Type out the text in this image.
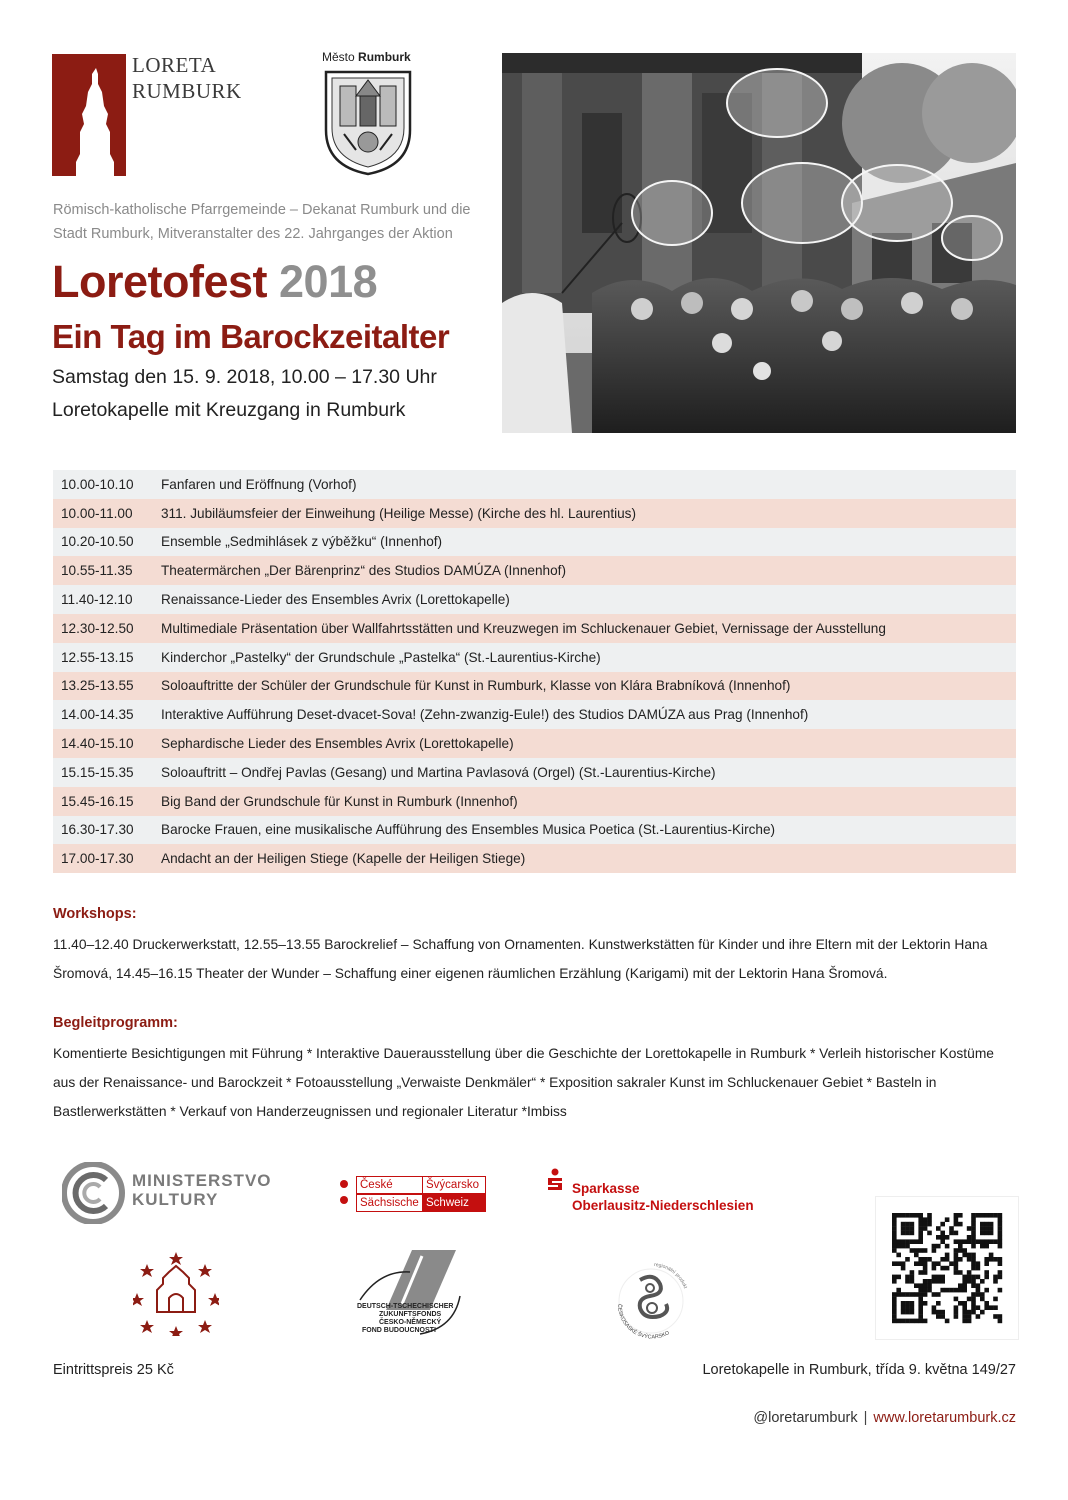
LORETA
RUMBURK
Město Rumburk
Römisch-katholische Pfarrgemeinde – Dekanat Rumburk und die Stadt Rumburk, Mitveranstalter des 22. Jahrganges der Aktion
Loretofest 2018
Ein Tag im Barockzeitalter
Samstag den 15. 9. 2018, 10.00 – 17.30 Uhr
Loretokapelle mit Kreuzgang in Rumburk
10.00-10.10	Fanfaren und Eröffnung (Vorhof)
10.00-11.00	311. Jubiläumsfeier der Einweihung (Heilige Messe) (Kirche des hl. Laurentius)
10.20-10.50	Ensemble „Sedmihlásek z výběžku“ (Innenhof)
10.55-11.35	Theatermärchen „Der Bärenprinz“ des Studios DAMÚZA (Innenhof)
11.40-12.10	Renaissance-Lieder des Ensembles Avrix (Lorettokapelle)
12.30-12.50	Multimediale Präsentation über Wallfahrtsstätten und Kreuzwegen im Schluckenauer Gebiet, Vernissage der Ausstellung
12.55-13.15	Kinderchor „Pastelky“ der Grundschule „Pastelka“ (St.-Laurentius-Kirche)
13.25-13.55	Soloauftritte der Schüler der Grundschule für Kunst in Rumburk, Klasse von Klára Brabníková (Innenhof)
14.00-14.35	Interaktive Aufführung Deset-dvacet-Sova! (Zehn-zwanzig-Eule!) des Studios DAMÚZA aus Prag (Innenhof)
14.40-15.10	Sephardische Lieder des Ensembles Avrix (Lorettokapelle)
15.15-15.35	Soloauftritt – Ondřej Pavlas (Gesang) und Martina Pavlasová (Orgel) (St.-Laurentius-Kirche)
15.45-16.15	Big Band der Grundschule für Kunst in Rumburk (Innenhof)
16.30-17.30	Barocke Frauen, eine musikalische Aufführung des Ensembles Musica Poetica (St.-Laurentius-Kirche)
17.00-17.30	Andacht an der Heiligen Stiege (Kapelle der Heiligen Stiege)
Workshops:
11.40–12.40 Druckerwerkstatt, 12.55–13.55 Barockrelief – Schaffung von Ornamenten. Kunstwerkstätten für Kinder und ihre Eltern mit der Lektorin Hana Šromová, 14.45–16.15 Theater der Wunder – Schaffung einer eigenen räumlichen Erzählung (Karigami) mit der Lektorin Hana Šromová.
Begleitprogramm:
Komentierte Besichtigungen mit Führung * Interaktive Dauerausstellung über die Geschichte der Lorettokapelle in Rumburk * Verleih historischer Kostüme aus der Renaissance- und Barockzeit * Fotoausstellung „Verwaiste Denkmäler“ * Exposition sakraler Kunst im Schluckenauer Gebiet * Basteln in Bastlerwerkstätten * Verkauf von Handerzeugnissen und regionaler Literatur *Imbiss
MINISTERSTVO
KULTURY
České	Švýcarsko
Sächsische Schweiz
Sparkasse
Oberlausitz-Niederschlesien
DEUTSCH-TSCHECHISCHER
ZUKUNFTSFONDS
ČESKO-NĚMECKÝ
FOND BUDOUCNOSTI
ČESKOSASKÉ ŠVÝCARSKO
regionální produkt
Eintrittspreis 25 Kč	Loretokapelle in Rumburk, třída 9. května 149/27
@loretarumburk | www.loretarumburk.cz
